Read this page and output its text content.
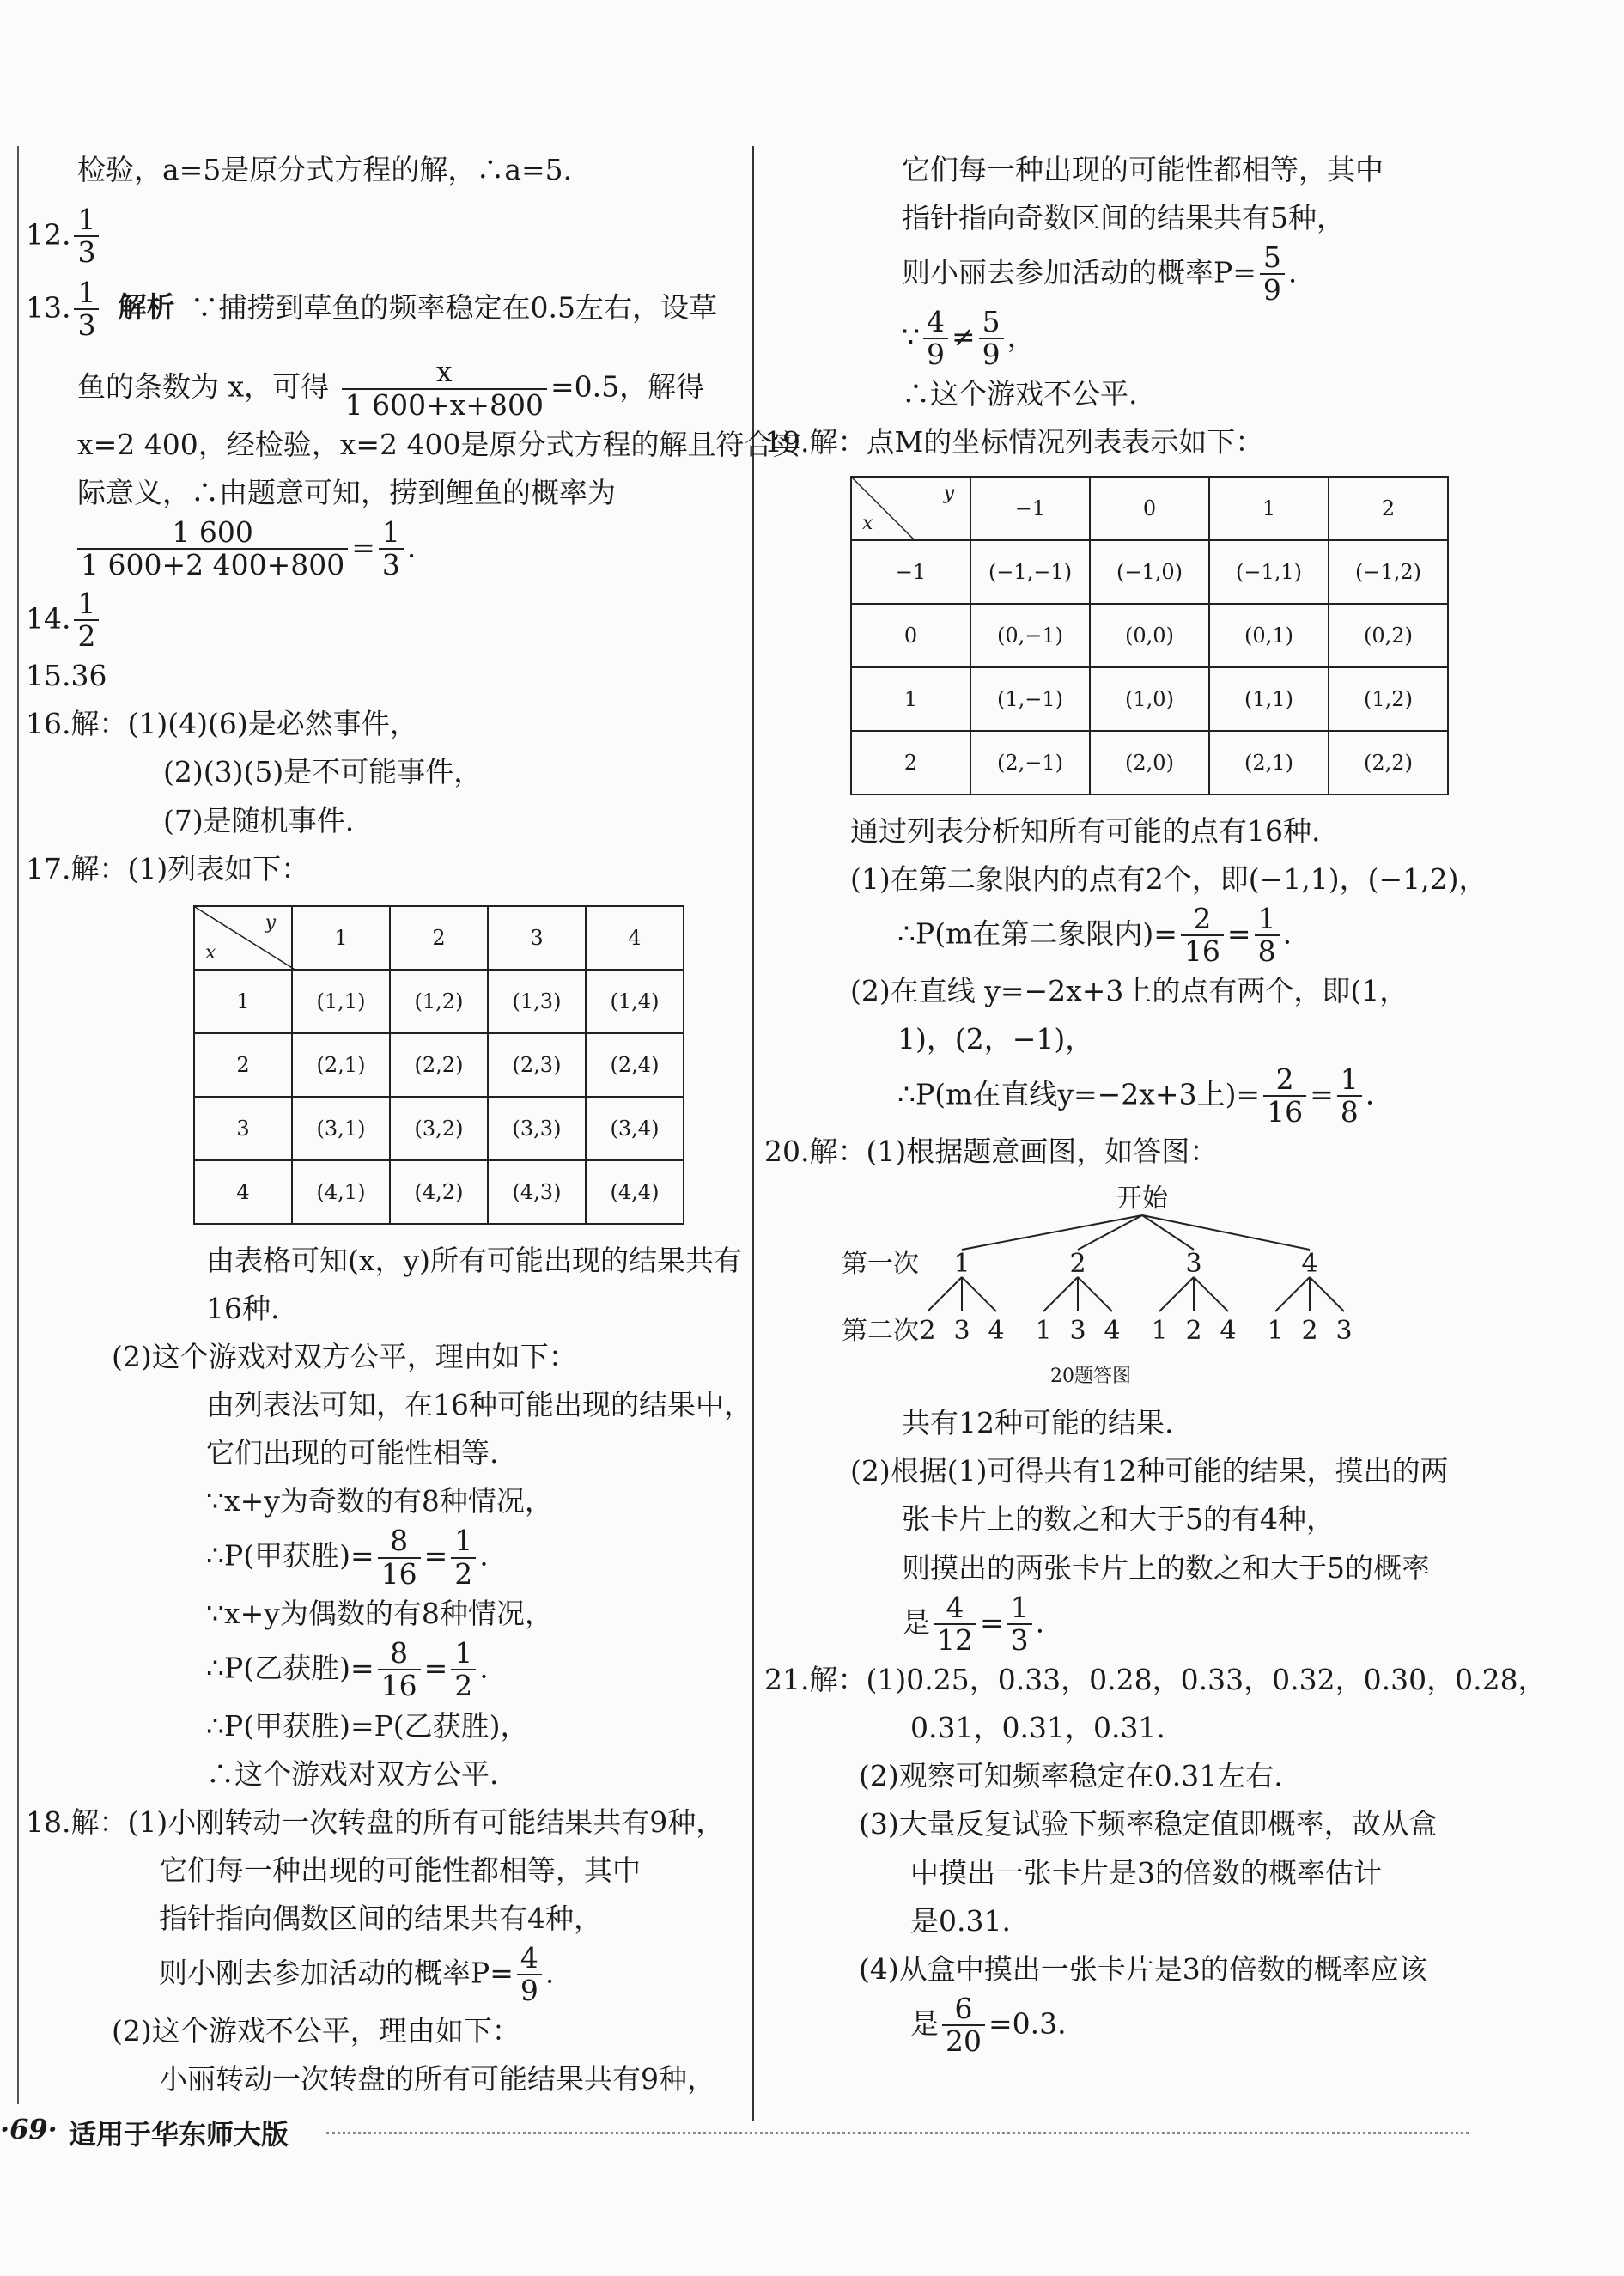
检验，a=5是原分式方程的解，∴a=5.
12. $\frac{1}{3}$
13. $\frac{1}{3}$ 解析 ∵捕捞到草鱼的频率稳定在0.5左右，设草
鱼的条数为 x，可得 $\frac{x}{1 600+x+800} =0.5$，解得
x=2 400，经检验，x=2 400是原分式方程的解且符合实
际意义，∴由题意可知，捞到鲤鱼的概率为
$\frac{1 600}{1 600+2 400+800} = \frac{1}{3}$ .
14. $\frac{1}{2}$
15.36
16.解：(1)(4)(6)是必然事件，
(2)(3)(5)是不可能事件，
(7)是随机事件.
17.解：(1)列表如下：
y
x	1	2	3	4
1	(1,1)	(1,2)	(1,3)	(1,4)
2	(2,1)	(2,2)	(2,3)	(2,4)
3	(3,1)	(3,2)	(3,3)	(3,4)
4	(4,1)	(4,2)	(4,3)	(4,4)
由表格可知(x，y)所有可能出现的结果共有
16种.
(2)这个游戏对双方公平，理由如下：
由列表法可知，在16种可能出现的结果中，
它们出现的可能性相等.
∵x+y为奇数的有8种情况，
∴P(甲获胜)= $\frac{8}{16} = \frac{1}{2}$ .
∵x+y为偶数的有8种情况，
∴P(乙获胜)= $\frac{8}{16} = \frac{1}{2}$ .
∴P(甲获胜)=P(乙获胜)，
∴这个游戏对双方公平.
18.解：(1)小刚转动一次转盘的所有可能结果共有9种，
它们每一种出现的可能性都相等，其中
指针指向偶数区间的结果共有4种，
则小刚去参加活动的概率$P= \frac{4}{9}$ .
(2)这个游戏不公平，理由如下：
小丽转动一次转盘的所有可能结果共有9种，
它们每一种出现的可能性都相等，其中
指针指向奇数区间的结果共有5种，
则小丽去参加活动的概率$P= \frac{5}{9}$ .
∵ $\frac{4}{9} \ne \frac{5}{9}$ ，
∴这个游戏不公平.
19.解：点M的坐标情况列表表示如下：
y
x	−1	0	1	2
−1	(−1,−1)	(−1,0)	(−1,1)	(−1,2)
0	(0,−1)	(0,0)	(0,1)	(0,2)
1	(1,−1)	(1,0)	(1,1)	(1,2)
2	(2,−1)	(2,0)	(2,1)	(2,2)
通过列表分析知所有可能的点有16种.
(1)在第二象限内的点有2个，即(−1,1)，(−1,2)，
∴P(m在第二象限内)= $\frac{2}{16} = \frac{1}{8}$ .
(2)在直线 y=−2x+3上的点有两个，即(1，
1)，(2，−1)，
∴P(m在直线y=−2x+3上)= $\frac{2}{16} = \frac{1}{8}$ .
20.解：(1)根据题意画图，如答图：
开始
第一次
第二次
1	2	3	4
2 3 4 1 3 4 1 2 4 1 2 3
20题答图
共有12种可能的结果.
(2)根据(1)可得共有12种可能的结果，摸出的两
张卡片上的数之和大于5的有4种，
则摸出的两张卡片上的数之和大于5的概率
是 $\frac{4}{12} = \frac{1}{3}$ .
21.解：(1)0.25，0.33，0.28，0.33，0.32，0.30，0.28，
0.31，0.31，0.31.
(2)观察可知频率稳定在0.31左右.
(3)大量反复试验下频率稳定值即概率，故从盒
中摸出一张卡片是3的倍数的概率估计
是0.31.
(4)从盒中摸出一张卡片是3的倍数的概率应该
是 $\frac{6}{20} =0.3$.
·69· 适用于华东师大版
